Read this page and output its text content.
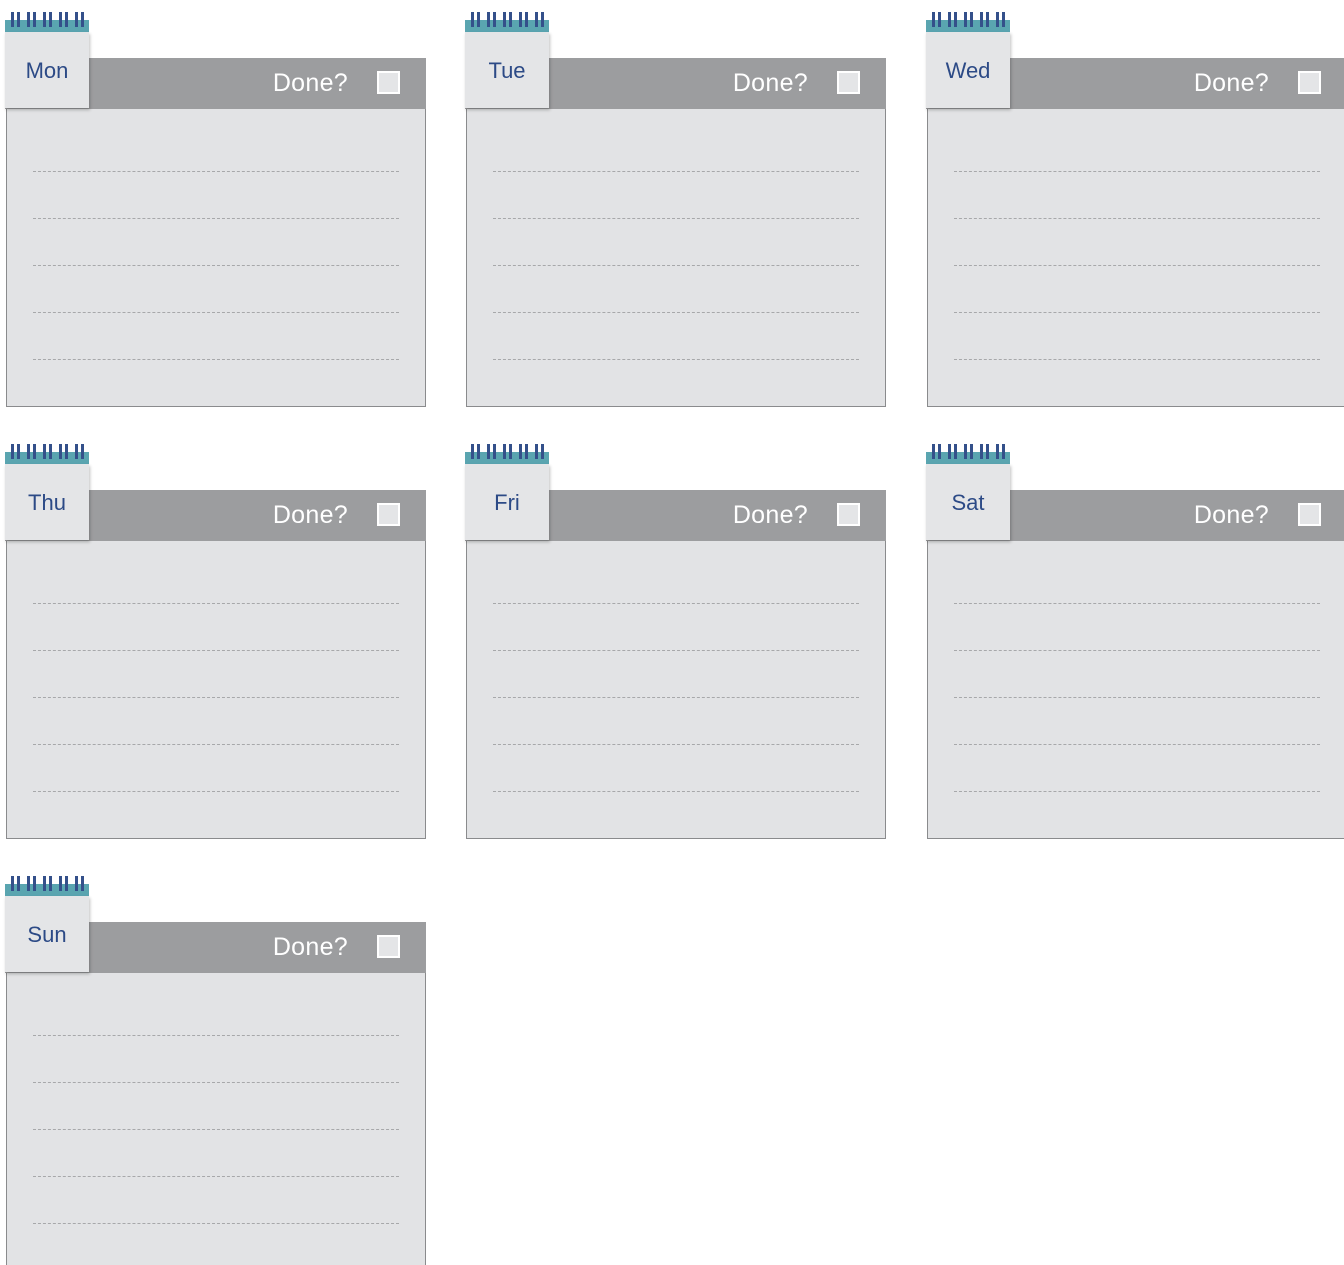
Done?
Mon	Done?
Tue	Done?
Wed
Done?
Thu	Done?
Fri	Done?
Sat
Done?
Sun
